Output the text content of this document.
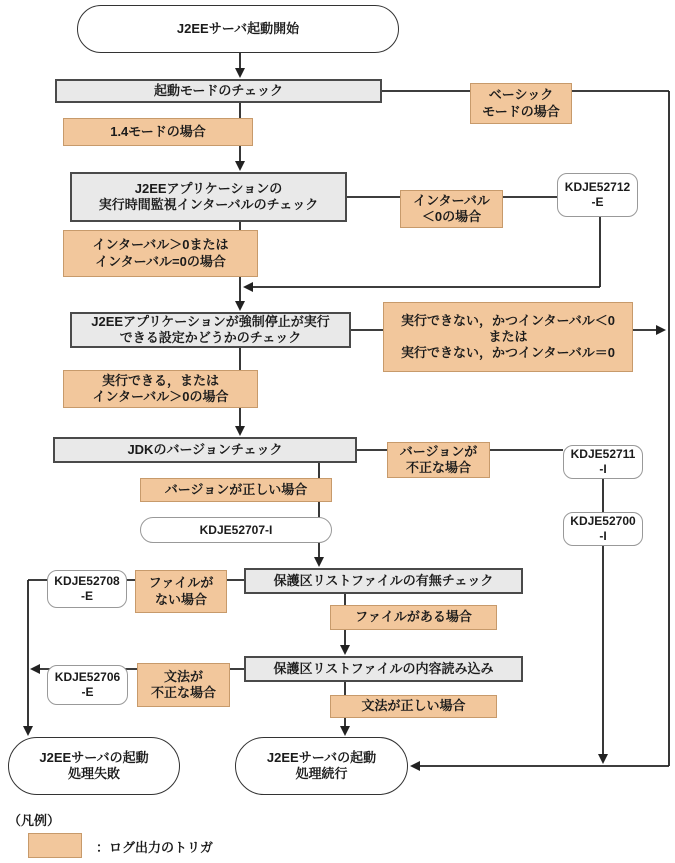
J2EEサーバ起動開始
起動モードのチェック	ベーシック
モードの場合
1.4モードの場合
J2EEアプリケーションの
実行時間監視インターバルのチェック	インターバル
＜0の場合
KDJE52712
-E
インターバル＞0または
インターバル=0の場合
J2EEアプリケーションが強制停止が実行
できる設定かどうかのチェック
実行できない，かつインターバル＜0
または
実行できない，かつインターバル＝0
実行できる，または
インターバル＞0の場合
JDKのバージョンチェック	バージョンが
不正な場合
KDJE52711
-I
バージョンが正しい場合
KDJE52700
-I
KDJE52707-I
保護区リストファイルの有無チェック
ファイルが
ない場合
KDJE52708
-E
ファイルがある場合
保護区リストファイルの内容読み込み
文法が
不正な場合
KDJE52706
-E
文法が正しい場合
J2EEサーバの起動
処理失敗
J2EEサーバの起動
処理続行
（凡例）
：ログ出力のトリガ
